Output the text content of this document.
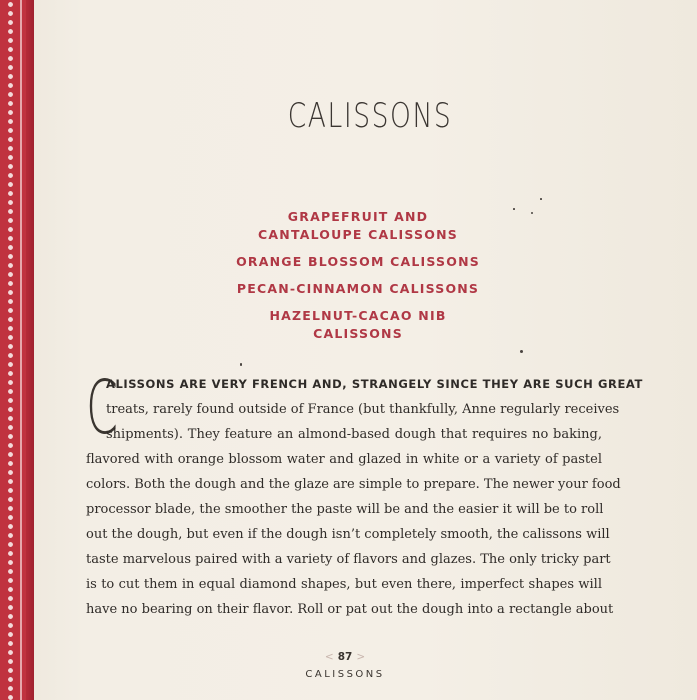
CALISSONS
GRAPEFRUIT AND
CANTALOUPE CALISSONS
ORANGE BLOSSOM CALISSONS
PECAN-CINNAMON CALISSONS
HAZELNUT-CACAO NIB
CALISSONS
C
ALISSONS ARE VERY FRENCH AND, STRANGELY SINCE THEY ARE SUCH GREAT
treats, rarely found outside of France (but thankfully, Anne regularly receives
shipments). They feature an almond-based dough that requires no baking,
flavored with orange blossom water and glazed in white or a variety of pastel
colors. Both the dough and the glaze are simple to prepare. The newer your food
processor blade, the smoother the paste will be and the easier it will be to roll
out the dough, but even if the dough isn’t completely smooth, the calissons will
taste marvelous paired with a variety of flavors and glazes. The only tricky part
is to cut them in equal diamond shapes, but even there, imperfect shapes will
have no bearing on their flavor. Roll or pat out the dough into a rectangle about
< 87 >
CALISSONS
